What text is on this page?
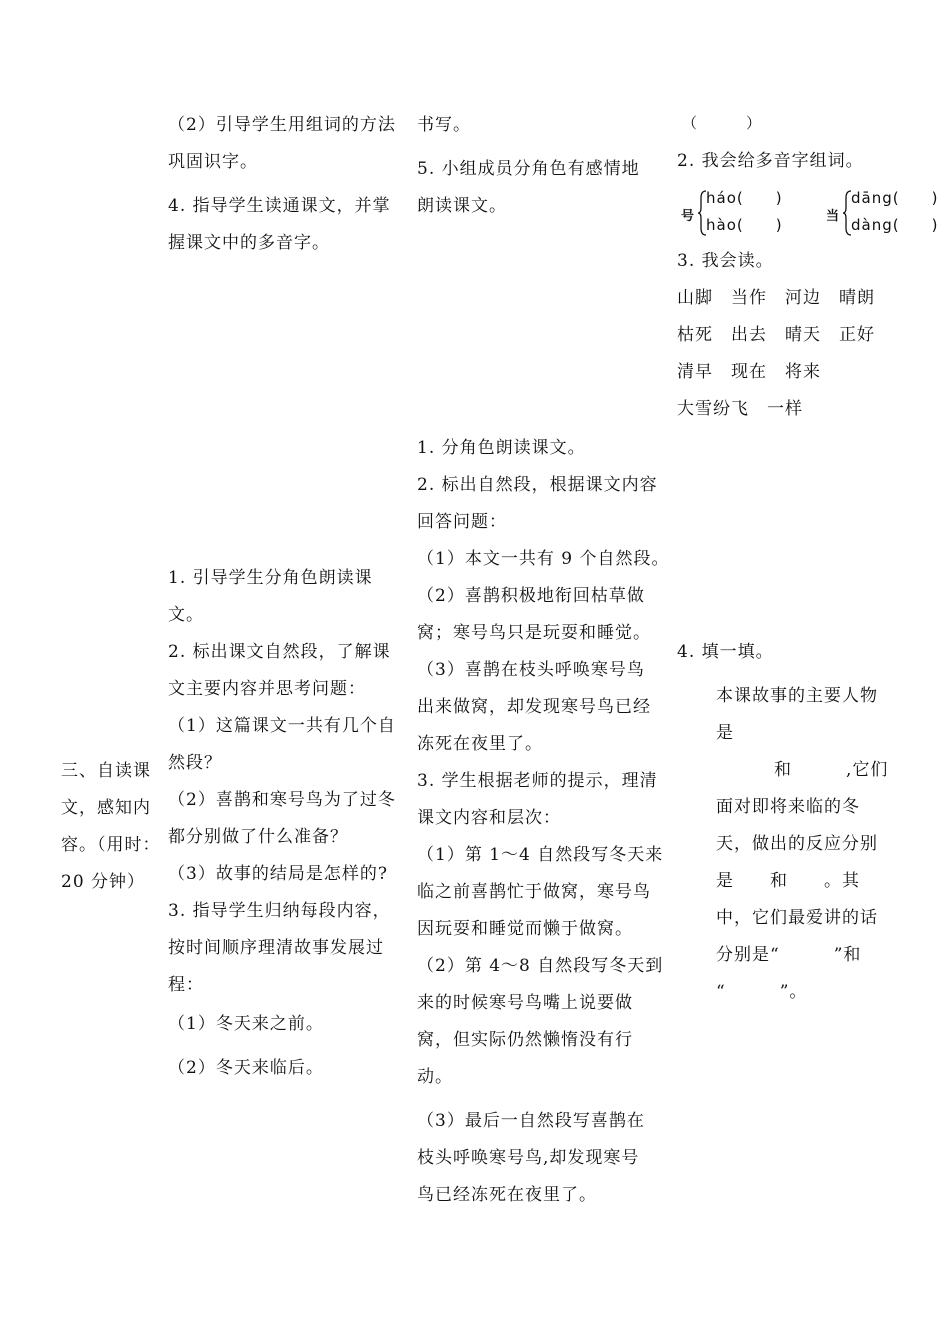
三、自读课
文，感知内
容。（用时：
20 分钟）
（2）引导学生用组词的方法
巩固识字。
4. 指导学生读通课文，并掌
握课文中的多音字。
1. 引导学生分角色朗读课
文。
2. 标出课文自然段，了解课
文主要内容并思考问题：
（1）这篇课文一共有几个自
然段？
（2）喜鹊和寒号鸟为了过冬
都分别做了什么准备？
（3）故事的结局是怎样的?
3. 指导学生归纳每段内容，
按时间顺序理清故事发展过
程：
（1）冬天来之前。
（2）冬天来临后。
书写。
5. 小组成员分角色有感情地
朗读课文。
1. 分角色朗读课文。
2. 标出自然段，根据课文内容
回答问题：
（1）本文一共有 9 个自然段。
（2）喜鹊积极地衔回枯草做
窝；寒号鸟只是玩耍和睡觉。
（3）喜鹊在枝头呼唤寒号鸟
出来做窝，却发现寒号鸟已经
冻死在夜里了。
3. 学生根据老师的提示，理清
课文内容和层次：
（1）第 1～4 自然段写冬天来
临之前喜鹊忙于做窝，寒号鸟
因玩耍和睡觉而懒于做窝。
（2）第 4～8 自然段写冬天到
来的时候寒号鸟嘴上说要做
窝，但实际仍然懒惰没有行
动。
（3）最后一自然段写喜鹊在
枝头呼唤寒号鸟,却发现寒号
鸟已经冻死在夜里了。
（　　　）
2. 我会给多音字组词。
号
háo(　　)
hào(　　)	当
dāng(　　)
dàng(　　)
3. 我会读。
山脚　当作　河边　晴朗
枯死　出去　晴天　正好
清早　现在　将来
大雪纷飞　一样
4. 填一填。
本课故事的主要人物
是
和　　　,它们
面对即将来临的冬
天，做出的反应分别
是　　和　　。其
中，它们最爱讲的话
分别是“　　　”和
“　　　”。
